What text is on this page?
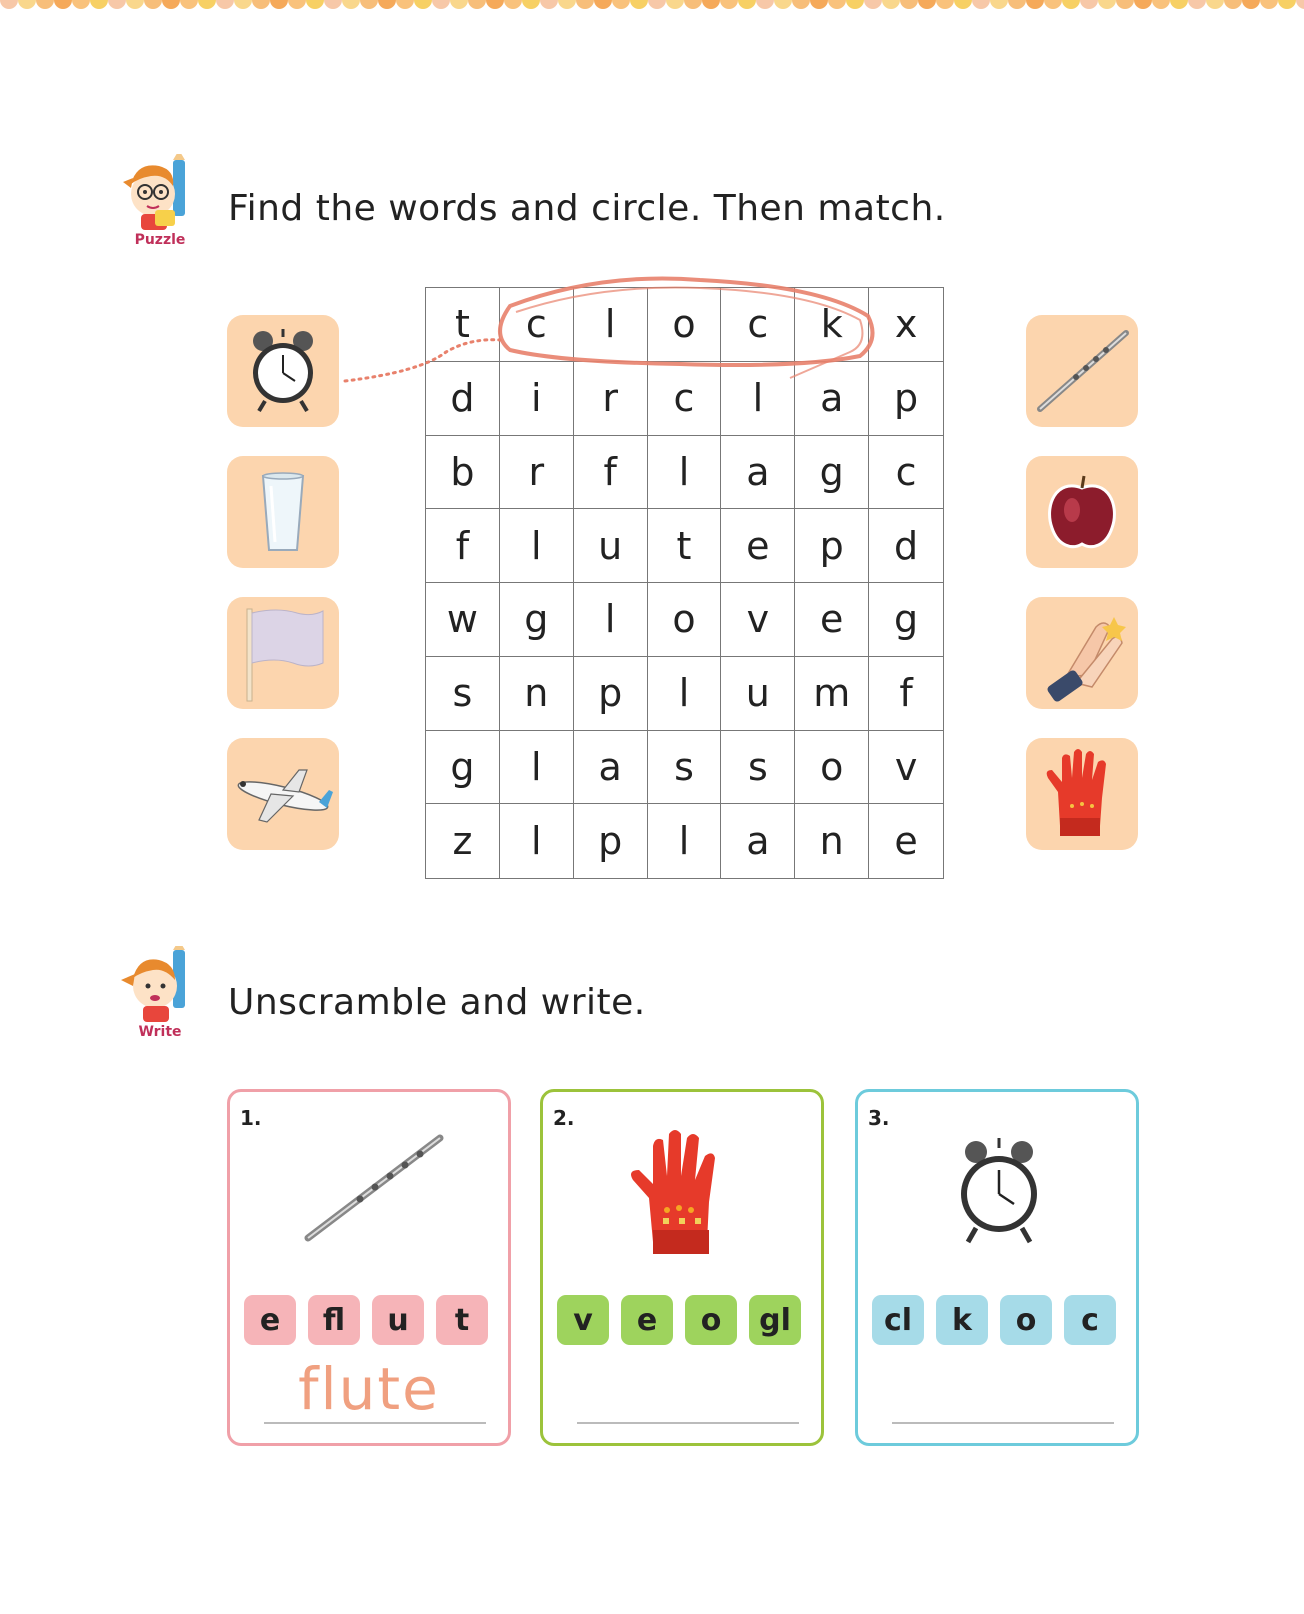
Puzzle
Find the words and circle. Then match.
t	c	l	o	c	k	x
d	i	r	c	l	a	p
b	r	f	l	a	g	c
f	l	u	t	e	p	d
w	g	l	o	v	e	g
s	n	p	l	u	m	f
g	l	a	s	s	o	v
z	l	p	l	a	n	e
Write
Unscramble and write.
1.
e	fl	u	t
flute
2.
v	e	o	gl
3.
cl	k	o	c
